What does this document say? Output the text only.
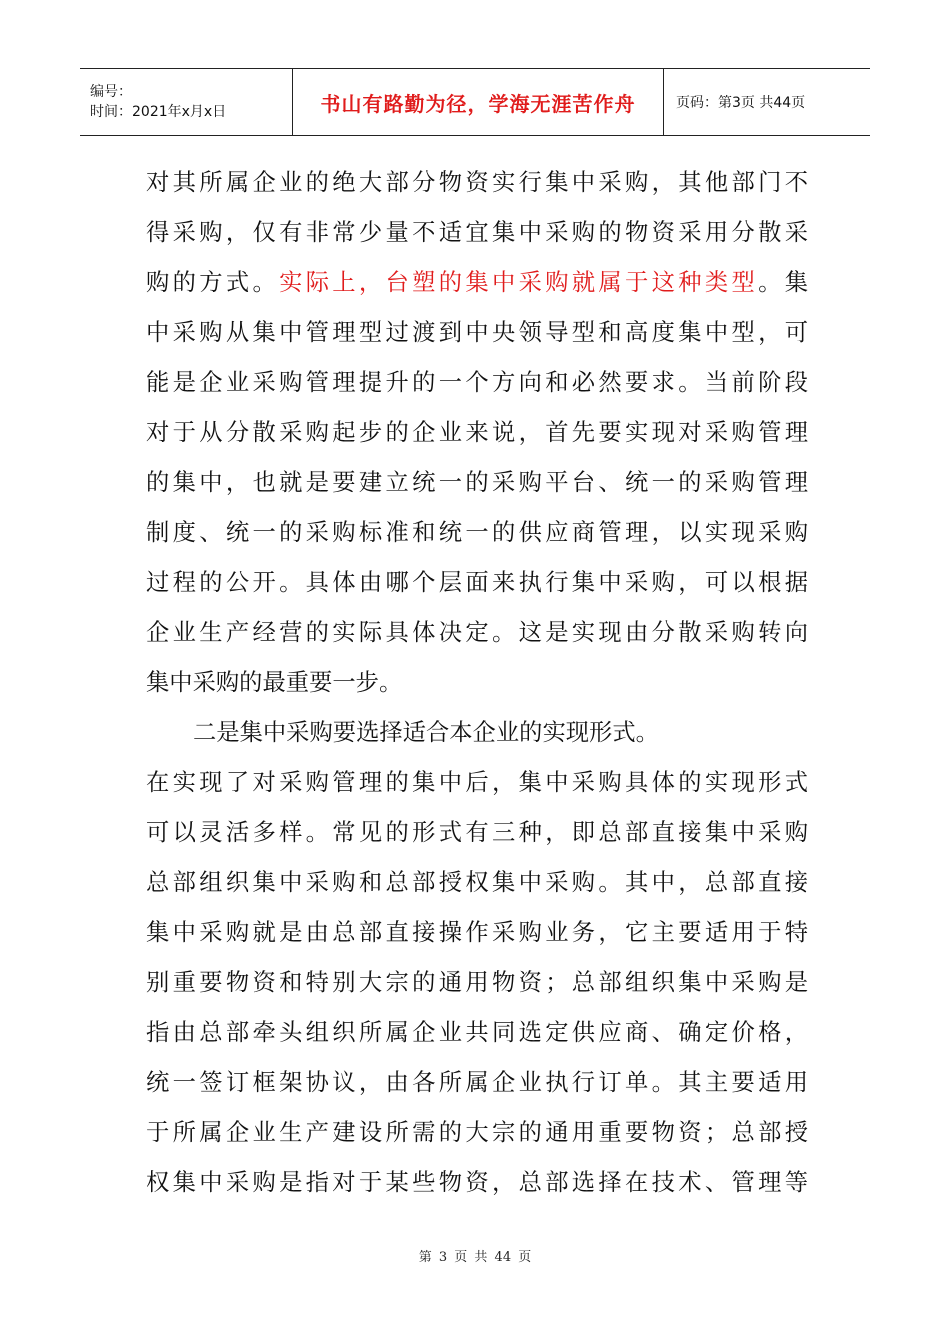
编号：
时间：2021年x月x日	书山有路勤为径，学海无涯苦作舟	页码：第3页 共44页
对其所属企业的绝大部分物资实行集中采购，其他部门不
得采购，仅有非常少量不适宜集中采购的物资采用分散采
购的方式。实际上，台塑的集中采购就属于这种类型。集
中采购从集中管理型过渡到中央领导型和高度集中型，可
能是企业采购管理提升的一个方向和必然要求。当前阶段
对于从分散采购起步的企业来说，首先要实现对采购管理
的集中，也就是要建立统一的采购平台、统一的采购管理
制度、统一的采购标准和统一的供应商管理，以实现采购
过程的公开。具体由哪个层面来执行集中采购，可以根据
企业生产经营的实际具体决定。这是实现由分散采购转向
集中采购的最重要一步。
二是集中采购要选择适合本企业的实现形式。
在实现了对采购管理的集中后，集中采购具体的实现形式
可以灵活多样。常见的形式有三种，即总部直接集中采购
总部组织集中采购和总部授权集中采购。其中，总部直接
集中采购就是由总部直接操作采购业务，它主要适用于特
别重要物资和特别大宗的通用物资；总部组织集中采购是
指由总部牵头组织所属企业共同选定供应商、确定价格，
统一签订框架协议，由各所属企业执行订单。其主要适用
于所属企业生产建设所需的大宗的通用重要物资；总部授
权集中采购是指对于某些物资，总部选择在技术、管理等
第 3 页 共 44 页
